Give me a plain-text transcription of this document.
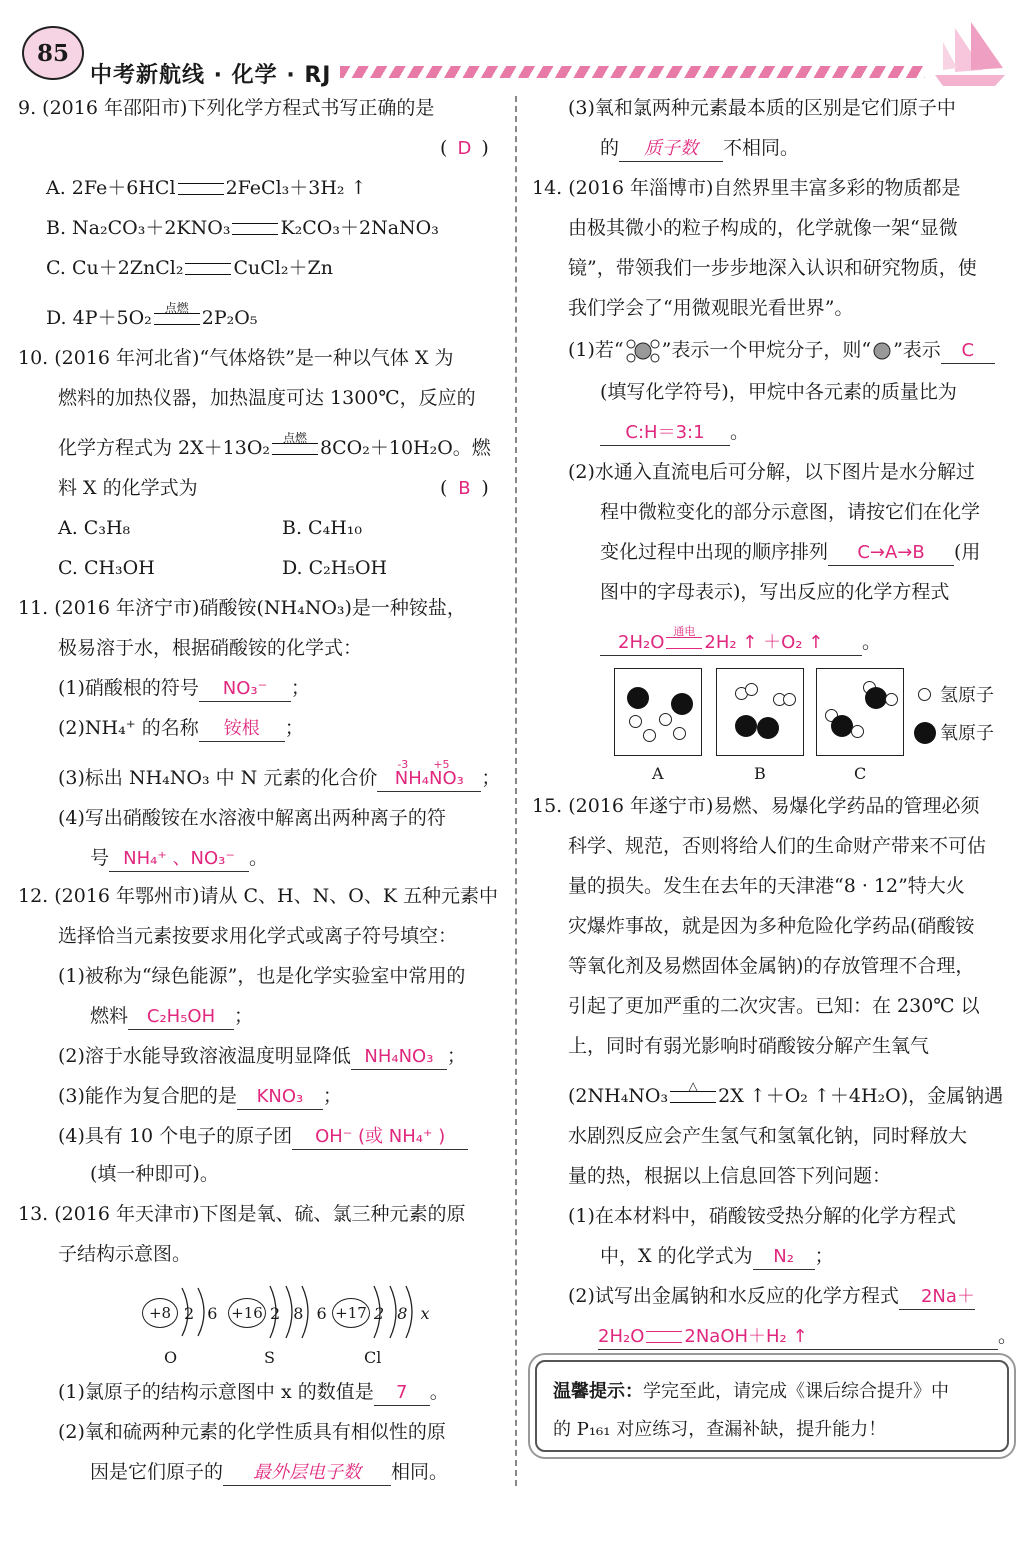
85
中考新航线 · 化学 · RJ
9. (2016 年邵阳市)下列化学方程式书写正确的是
( D )
A. 2Fe＋6HCl	2FeCl₃＋3H₂ ↑
B. Na₂CO₃＋2KNO₃	K₂CO₃＋2NaNO₃
C. Cu＋2ZnCl₂	CuCl₂＋Zn
D. 4P＋5O₂	点燃 2P₂O₅
10. (2016 年河北省)“气体烙铁”是一种以气体 X 为
燃料的加热仪器，加热温度可达 1300℃，反应的
化学方程式为 2X＋13O₂	点燃 8CO₂＋10H₂O。燃
料 X 的化学式为	( B )
A. C₃H₈	B. C₄H₁₀
C. CH₃OH	D. C₂H₅OH
11. (2016 年济宁市)硝酸铵(NH₄NO₃)是一种铵盐，
极易溶于水，根据硝酸铵的化学式：
(1)硝酸根的符号 NO₃⁻ ；
(2)NH₄⁺ 的名称 铵根 ；
(3)标出 NH₄NO₃ 中 N 元素的化合价
-3 +5
NH₄NO₃ ；
(4)写出硝酸铵在水溶液中解离出两种离子的符
号 NH₄⁺ 、NO₃⁻ 。
12. (2016 年鄂州市)请从 C、H、N、O、K 五种元素中
选择恰当元素按要求用化学式或离子符号填空：
(1)被称为“绿色能源”，也是化学实验室中常用的
燃料 C₂H₅OH ；
(2)溶于水能导致溶液温度明显降低 NH₄NO₃ ；
(3)能作为复合肥的是 KNO₃ ；
(4)具有 10 个电子的原子团 OH⁻ (或 NH₄⁺ )
(填一种即可)。
13. (2016 年天津市)下图是氧、硫、氯三种元素的原
子结构示意图。
+8 2 6
O
+16 2 8 6
S
+17 2 8 x
Cl
(1)氯原子的结构示意图中 x 的数值是 7 。
(2)氧和硫两种元素的化学性质具有相似性的原
因是它们原子的 最外层电子数 相同。
(3)氧和氯两种元素最本质的区别是它们原子中
的 质子数 不相同。
14. (2016 年淄博市)自然界里丰富多彩的物质都是
由极其微小的粒子构成的，化学就像一架“显微
镜”，带领我们一步步地深入认识和研究物质，使
我们学会了“用微观眼光看世界”。
(1)若“ ”表示一个甲烷分子，则“ ”表示 C
(填写化学符号)，甲烷中各元素的质量比为
C:H＝3:1 。
(2)水通入直流电后可分解，以下图片是水分解过
程中微粒变化的部分示意图，请按它们在化学
变化过程中出现的顺序排列 C→A→B (用
图中的字母表示)，写出反应的化学方程式
2H₂O
通电
2H₂ ↑ ＋O₂ ↑ 。
A	B	C
氢原子
氧原子
15. (2016 年遂宁市)易燃、易爆化学药品的管理必须
科学、规范，否则将给人们的生命财产带来不可估
量的损失。发生在去年的天津港“8 · 12”特大火
灾爆炸事故，就是因为多种危险化学药品(硝酸铵
等氧化剂及易燃固体金属钠)的存放管理不合理，
引起了更加严重的二次灾害。已知：在 230℃ 以
上，同时有弱光影响时硝酸铵分解产生氧气
(2NH₄NO₃	△	2X ↑＋O₂ ↑＋4H₂O)，金属钠遇
水剧烈反应会产生氢气和氢氧化钠，同时释放大
量的热，根据以上信息回答下列问题：
(1)在本材料中，硝酸铵受热分解的化学方程式
中，X 的化学式为 N₂ ；
(2)试写出金属钠和水反应的化学方程式 2Na＋
2H₂O 2NaOH＋H₂ ↑	。
温馨提示：学完至此，请完成《课后综合提升》中
的 P₁₆₁ 对应练习，查漏补缺，提升能力！
